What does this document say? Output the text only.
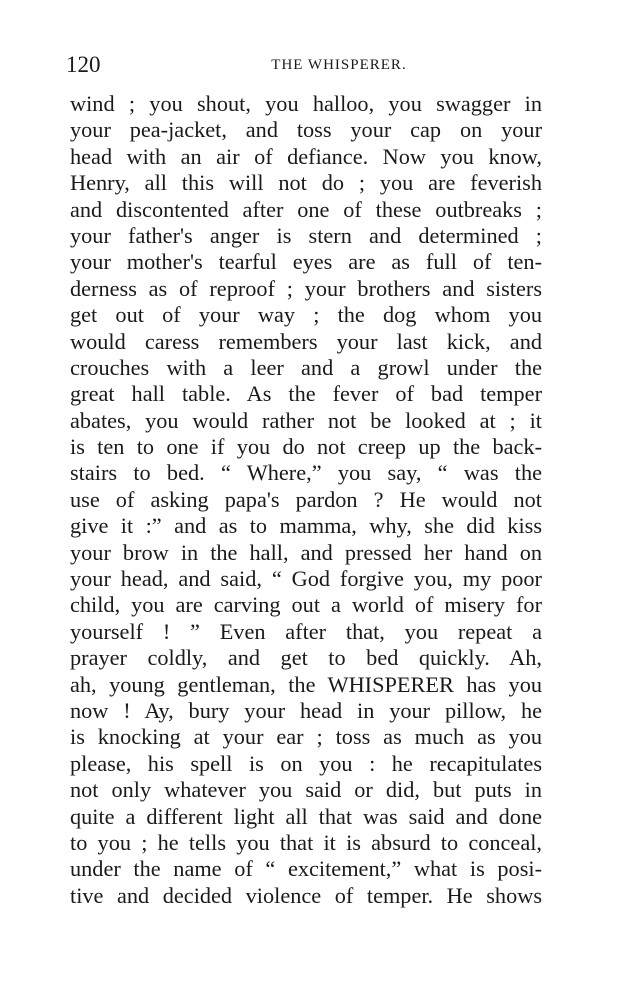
120	THE WHISPERER.
wind ; you shout, you halloo, you swagger in
your pea-jacket, and toss your cap on your
head with an air of defiance. Now you know,
Henry, all this will not do ; you are feverish
and discontented after one of these outbreaks ;
your father's anger is stern and determined ;
your mother's tearful eyes are as full of ten-
derness as of reproof ; your brothers and sisters
get out of your way ; the dog whom you
would caress remembers your last kick, and
crouches with a leer and a growl under the
great hall table. As the fever of bad temper
abates, you would rather not be looked at ; it
is ten to one if you do not creep up the back-
stairs to bed. “ Where,” you say, “ was the
use of asking papa's pardon ? He would not
give it :” and as to mamma, why, she did kiss
your brow in the hall, and pressed her hand on
your head, and said, “ God forgive you, my poor
child, you are carving out a world of misery for
yourself ! ” Even after that, you repeat a
prayer coldly, and get to bed quickly. Ah,
ah, young gentleman, the WHISPERER has you
now ! Ay, bury your head in your pillow, he
is knocking at your ear ; toss as much as you
please, his spell is on you : he recapitulates
not only whatever you said or did, but puts in
quite a different light all that was said and done
to you ; he tells you that it is absurd to conceal,
under the name of “ excitement,” what is posi-
tive and decided violence of temper. He shows
